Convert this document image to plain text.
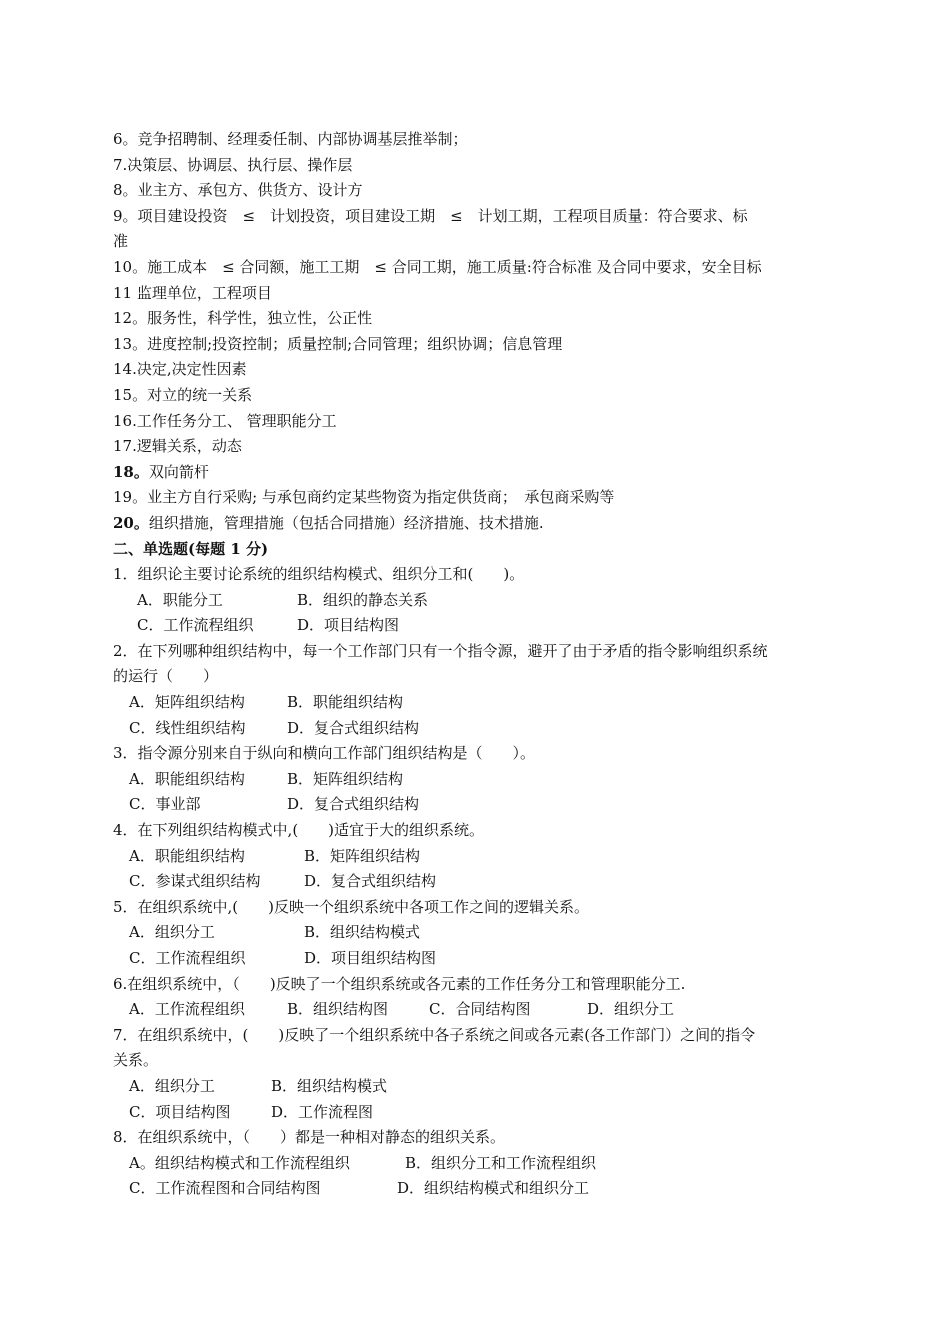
6。竞争招聘制、经理委任制、内部协调基层推举制；
7.决策层、协调层、执行层、操作层
8。业主方、承包方、供货方、设计方
9。项目建设投资　≤　计划投资，项目建设工期　≤　计划工期，工程项目质量：符合要求、标
准
10。施工成本　≤ 合同额，施工工期　≤ 合同工期，施工质量:符合标准 及合同中要求，安全目标
11 监理单位，工程项目
12。服务性，科学性，独立性，公正性
13。进度控制;投资控制；质量控制;合同管理；组织协调；信息管理
14.决定,决定性因素
15。对立的统一关系
16.工作任务分工、 管理职能分工
17.逻辑关系，动态
18。双向箭杆
19。业主方自行采购; 与承包商约定某些物资为指定供货商；　承包商采购等
20。组织措施，管理措施（包括合同措施）经济措施、技术措施.
二、单选题(每题 1 分)
1．组织论主要讨论系统的组织结构模式、组织分工和(　　)。
A．职能分工	B．组织的静态关系
C．工作流程组织	D．项目结构图
2．在下列哪种组织结构中，每一个工作部门只有一个指令源，避开了由于矛盾的指令影响组织系统
的运行（　　）
A．矩阵组织结构	B．职能组织结构
C．线性组织结构	D．复合式组织结构
3．指令源分别来自于纵向和横向工作部门组织结构是（　　）。
A．职能组织结构	B．矩阵组织结构
C．事业部	D．复合式组织结构
4．在下列组织结构模式中,(　　)适宜于大的组织系统。
A．职能组织结构	B．矩阵组织结构
C．参谋式组织结构	D．复合式组织结构
5．在组织系统中,(　　)反映一个组织系统中各项工作之间的逻辑关系。
A．组织分工	B．组织结构模式
C．工作流程组织	D．项目组织结构图
6.在组织系统中，（　　)反映了一个组织系统或各元素的工作任务分工和管理职能分工.
A．工作流程组织	B．组织结构图	C．合同结构图	D．组织分工
7．在组织系统中，(　　)反映了一个组织系统中各子系统之间或各元素(各工作部门）之间的指令
关系。
A．组织分工	B．组织结构模式
C．项目结构图	D．工作流程图
8．在组织系统中，（　　）都是一种相对静态的组织关系。
A。组织结构模式和工作流程组织	B．组织分工和工作流程组织
C．工作流程图和合同结构图	D．组织结构模式和组织分工
